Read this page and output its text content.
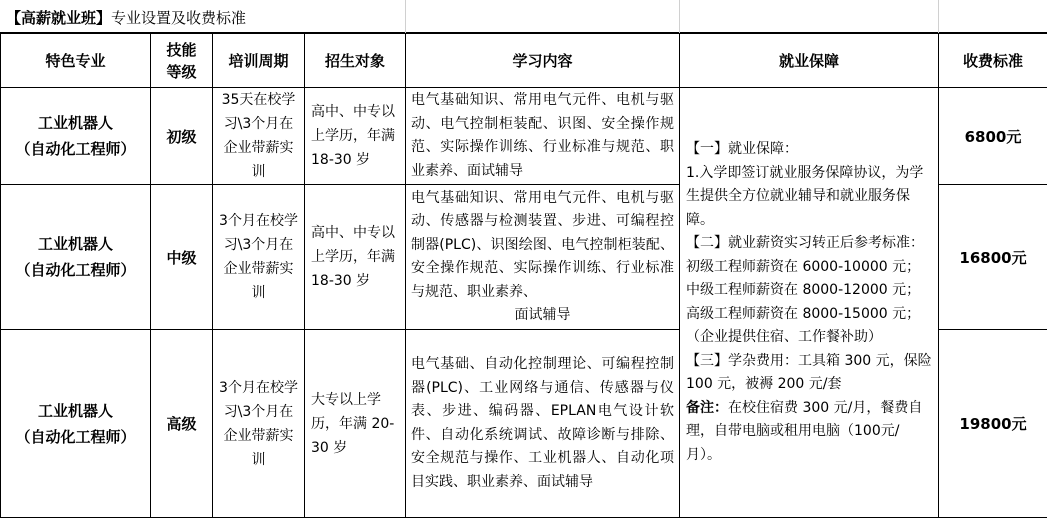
【高薪就业班】专业设置及收费标准
特色专业	技能
等级	培训周期	招生对象	学习内容	就业保障	收费标准

工业机器人
（自动化工程师）	初级	35天在校学习\3个月在企业带薪实训	高中、中专以上学历，年满 18-30 岁	电气基础知识、常用电气元件、电机与驱动、电气控制柜装配、识图、安全操作规范、实际操作训练、行业标准与规范、职业素养、面试辅导	【一】就业保障：
1.入学即签订就业服务保障协议，为学生提供全方位就业辅导和就业服务保障。
【二】就业薪资实习转正后参考标准：初级工程师薪资在 6000-10000 元；中级工程师薪资在 8000-12000 元；高级工程师薪资在 8000-15000 元；（企业提供住宿、工作餐补助）
【三】学杂费用：工具箱 300 元，保险 100 元，被褥 200 元/套
备注：在校住宿费 300 元/月，餐费自理，自带电脑或租用电脑（100元/月）。	6800元

工业机器人
（自动化工程师）	中级	3个月在校学习\3个月在企业带薪实训	高中、中专以上学历，年满 18-30 岁	电气基础知识、常用电气元件、电机与驱动、传感器与检测装置、步进、可编程控制器(PLC)、识图绘图、电气控制柜装配、安全操作规范、实际操作训练、行业标准与规范、职业素养、
面试辅导		16800元

工业机器人
（自动化工程师）	高级	3个月在校学习\3个月在企业带薪实训	大专以上学历，年满 20-30 岁	电气基础、自动化控制理论、可编程控制器(PLC)、工业网络与通信、传感器与仪表、步进、编码器、EPLAN电气设计软件、自动化系统调试、故障诊断与排除、安全规范与操作、工业机器人、自动化项目实践、职业素养、面试辅导		19800元
